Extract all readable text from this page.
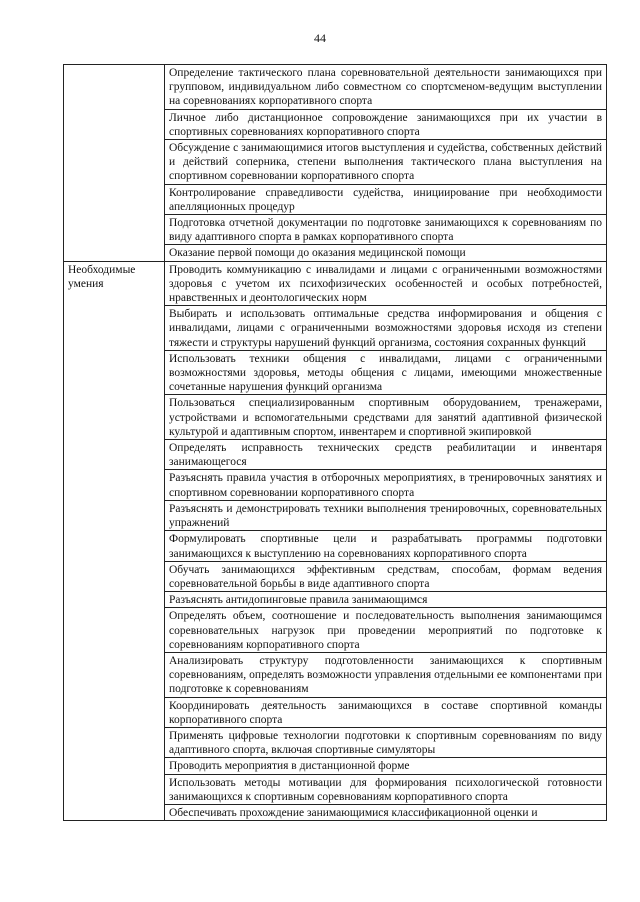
44
	Определение тактического плана соревновательной деятельности занимающихся при групповом, индивидуальном либо совместном со спортсменом-ведущим выступлении на соревнованиях корпоративного спорта
	Личное либо дистанционное сопровождение занимающихся при их участии в спортивных соревнованиях корпоративного спорта
	Обсуждение с занимающимися итогов выступления и судейства, собственных действий и действий соперника, степени выполнения тактического плана выступления на спортивном соревновании корпоративного спорта
	Контролирование справедливости судейства, инициирование при необходимости апелляционных процедур
	Подготовка отчетной документации по подготовке занимающихся к соревнованиям по виду адаптивного спорта в рамках корпоративного спорта
	Оказание первой помощи до оказания медицинской помощи
Необходимые умения	Проводить коммуникацию с инвалидами и лицами с ограниченными возможностями здоровья с учетом их психофизических особенностей и особых потребностей, нравственных и деонтологических норм
	Выбирать и использовать оптимальные средства информирования и общения с инвалидами, лицами с ограниченными возможностями здоровья исходя из степени тяжести и структуры нарушений функций организма, состояния сохранных функций
	Использовать техники общения с инвалидами, лицами с ограниченными возможностями здоровья, методы общения с лицами, имеющими множественные сочетанные нарушения функций организма
	Пользоваться специализированным спортивным оборудованием, тренажерами, устройствами и вспомогательными средствами для занятий адаптивной физической культурой и адаптивным спортом, инвентарем и спортивной экипировкой
	Определять исправность технических средств реабилитации и инвентаря занимающегося
	Разъяснять правила участия в отборочных мероприятиях, в тренировочных занятиях и спортивном соревновании корпоративного спорта
	Разъяснять и демонстрировать техники выполнения тренировочных, соревновательных упражнений
	Формулировать спортивные цели и разрабатывать программы подготовки занимающихся к выступлению на соревнованиях корпоративного спорта
	Обучать занимающихся эффективным средствам, способам, формам ведения соревновательной борьбы в виде адаптивного спорта
	Разъяснять антидопинговые правила занимающимся
	Определять объем, соотношение и последовательность выполнения занимающимся соревновательных нагрузок при проведении мероприятий по подготовке к соревнованиям корпоративного спорта
	Анализировать структуру подготовленности занимающихся к спортивным соревнованиям, определять возможности управления отдельными ее компонентами при подготовке к соревнованиям
	Координировать деятельность занимающихся в составе спортивной команды корпоративного спорта
	Применять цифровые технологии подготовки к спортивным соревнованиям по виду адаптивного спорта, включая спортивные симуляторы
	Проводить мероприятия в дистанционной форме
	Использовать методы мотивации для формирования психологической готовности занимающихся к спортивным соревнованиям корпоративного спорта
	Обеспечивать прохождение занимающимися классификационной оценки и
